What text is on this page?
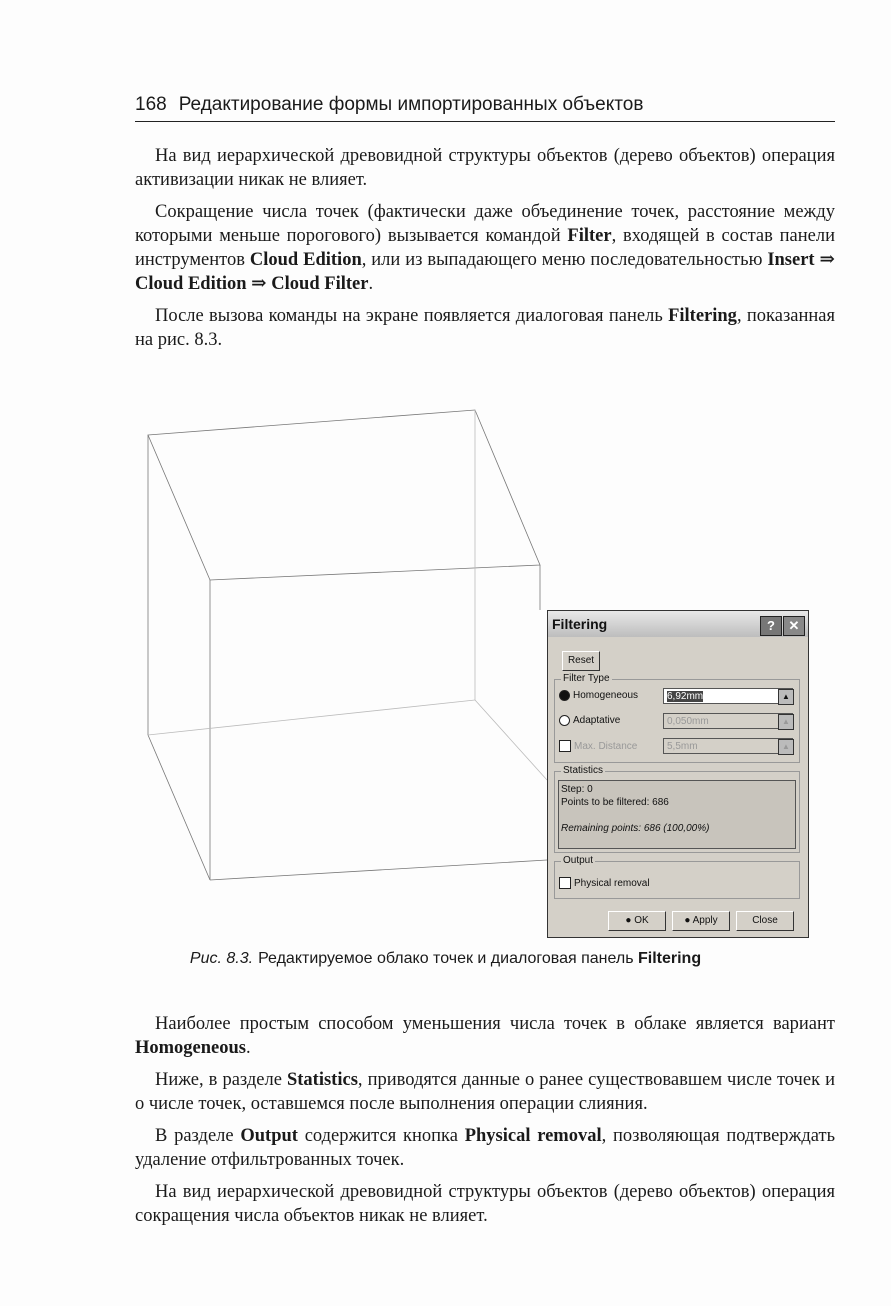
168 Редактирование формы импортированных объектов

На вид иерархической древовидной структуры объектов (дерево объектов) операция активизации никак не влияет.

Сокращение числа точек (фактически даже объединение точек, расстояние между которыми меньше порогового) вызывается командой Filter, входящей в состав панели инструментов Cloud Edition, или из выпадающего меню последовательностью Insert ⇒ Cloud Edition ⇒ Cloud Filter.

После вызова команды на экране появляется диалоговая панель Filtering, показанная на рис. 8.3.

Filtering	?	✕
Reset
Filter Type
Homogeneous	6,92mm	▲
Adaptative	0,050mm	▲
Max. Distance	5,5mm	▲
Statistics
Step: 0
Points to be filtered: 686
Remaining points: 686 (100,00%)
Output
Physical removal
● OK	● Apply	Close
Рис. 8.3. Редактируемое облако точек и диалоговая панель Filtering

Наиболее простым способом уменьшения числа точек в облаке является вариант Homogeneous.

Ниже, в разделе Statistics, приводятся данные о ранее существовавшем числе точек и о числе точек, оставшемся после выполнения операции слияния.

В разделе Output содержится кнопка Physical removal, позволяющая подтверждать удаление отфильтрованных точек.

На вид иерархической древовидной структуры объектов (дерево объектов) операция сокращения числа объектов никак не влияет.
